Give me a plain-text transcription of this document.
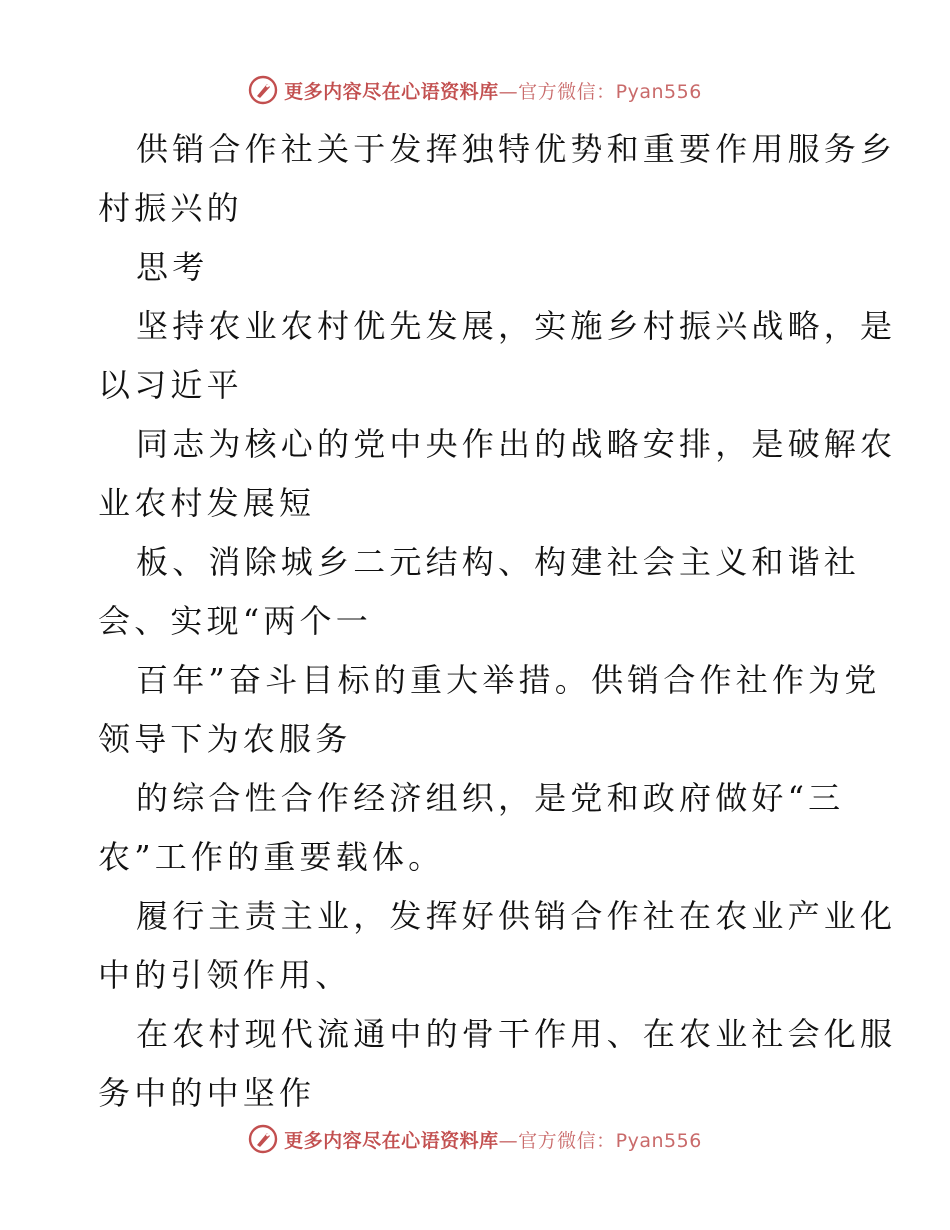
更多内容尽在心语资料库—官方微信：Pyan556

供销合作社关于发挥独特优势和重要作用服务乡

村振兴的

思考

坚持农业农村优先发展，实施乡村振兴战略，是

以习近平

同志为核心的党中央作出的战略安排，是破解农

业农村发展短

板、消除城乡二元结构、构建社会主义和谐社

会、实现“两个一

百年”奋斗目标的重大举措。供销合作社作为党

领导下为农服务

的综合性合作经济组织，是党和政府做好“三

农”工作的重要载体。

履行主责主业，发挥好供销合作社在农业产业化

中的引领作用、

在农村现代流通中的骨干作用、在农业社会化服

务中的中坚作

更多内容尽在心语资料库—官方微信：Pyan556
